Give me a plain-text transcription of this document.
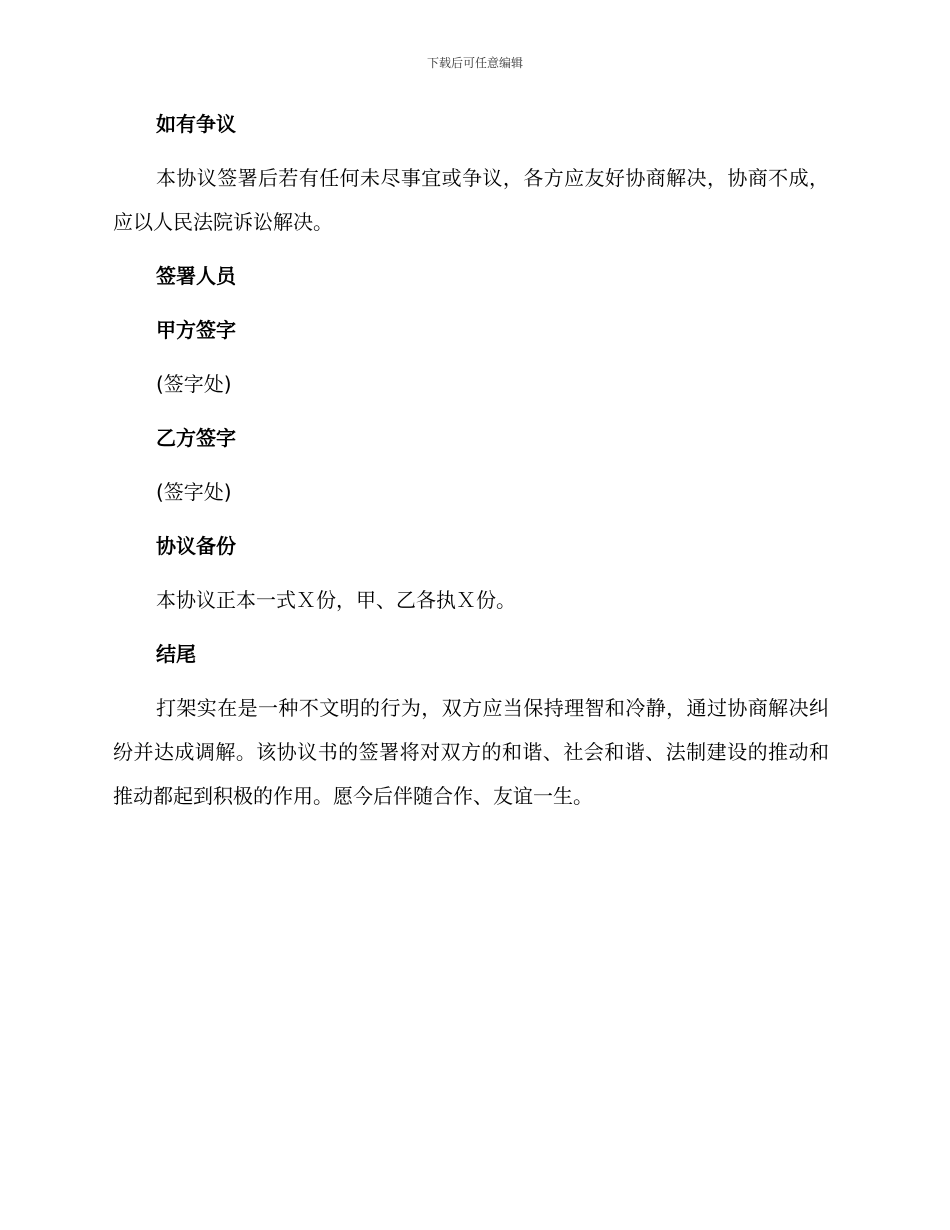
下载后可任意编辑
如有争议

本协议签署后若有任何未尽事宜或争议，各方应友好协商解决，协商不成，应以人民法院诉讼解决。

签署人员
甲方签字

(签字处)

乙方签字

(签字处)

协议备份

本协议正本一式Ｘ份，甲、乙各执Ｘ份。

结尾

打架实在是一种不文明的行为，双方应当保持理智和冷静，通过协商解决纠纷并达成调解。该协议书的签署将对双方的和谐、社会和谐、法制建设的推动和推动都起到积极的作用。愿今后伴随合作、友谊一生。
